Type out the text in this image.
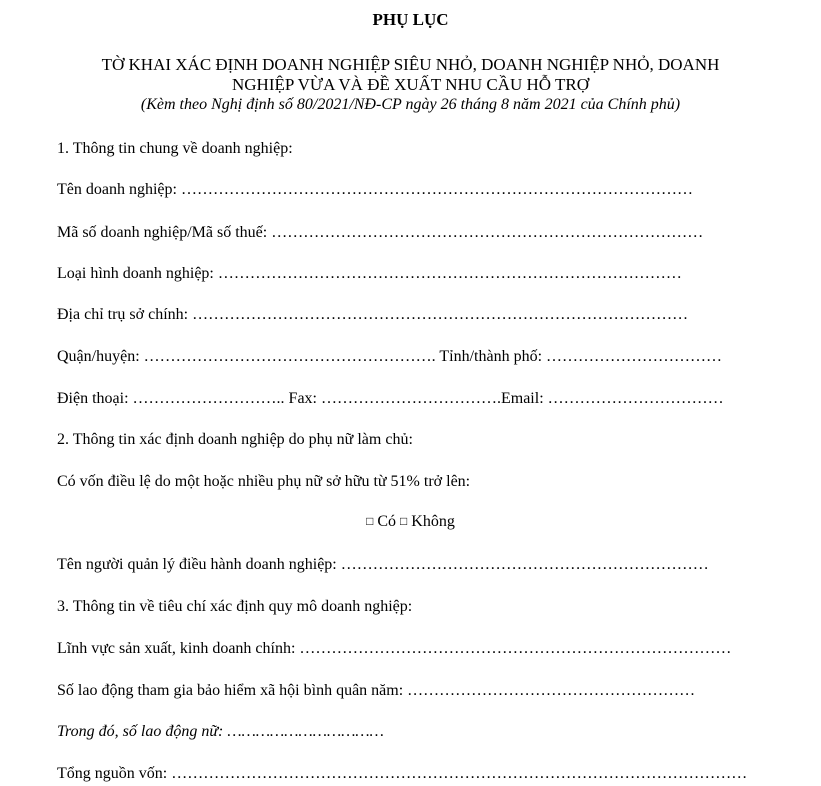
PHỤ LỤC
TỜ KHAI XÁC ĐỊNH DOANH NGHIỆP SIÊU NHỎ, DOANH NGHIỆP NHỎ, DOANH
NGHIỆP VỪA VÀ ĐỀ XUẤT NHU CẦU HỖ TRỢ
(Kèm theo Nghị định số 80/2021/NĐ-CP ngày 26 tháng 8 năm 2021 của Chính phủ)
1. Thông tin chung về doanh nghiệp:
Tên doanh nghiệp: ……………………………………………………………………………………
Mã số doanh nghiệp/Mã số thuế: ………………………………………………………………………
Loại hình doanh nghiệp: ……………………………………………………………………………
Địa chỉ trụ sở chính: …………………………………………………………………………………
Quận/huyện: ………………………………………………. Tỉnh/thành phố: ……………………………
Điện thoại: ……………………….. Fax: …………………………….Email: ……………………………
2. Thông tin xác định doanh nghiệp do phụ nữ làm chủ:
Có vốn điều lệ do một hoặc nhiều phụ nữ sở hữu từ 51% trở lên:
□ Có □ Không
Tên người quản lý điều hành doanh nghiệp: ……………………………………………………………
3. Thông tin về tiêu chí xác định quy mô doanh nghiệp:
Lĩnh vực sản xuất, kinh doanh chính: ………………………………………………………………………
Số lao động tham gia bảo hiểm xã hội bình quân năm: ………………………………………………
Trong đó, số lao động nữ: ……………………………
Tổng nguồn vốn: ………………………………………………………………………………………………
